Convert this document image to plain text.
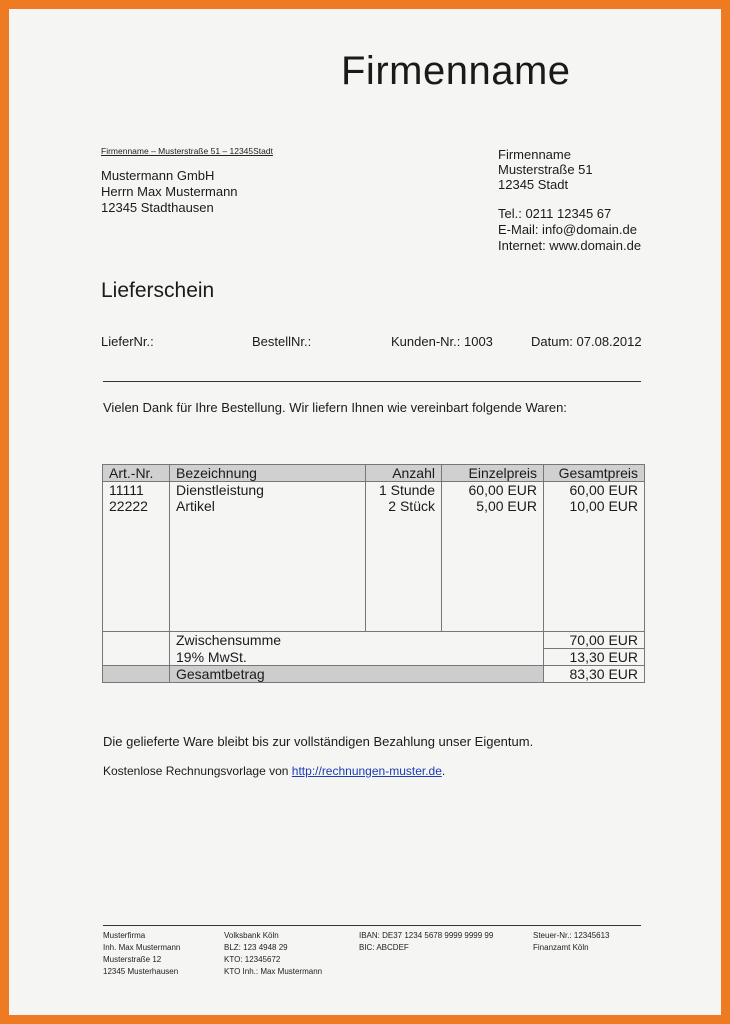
Firmenname
Firmenname – Musterstraße 51 – 12345Stadt
Mustermann GmbH
Herrn Max Mustermann
12345 Stadthausen
Firmenname
Musterstraße 51
12345 Stadt
Tel.: 0211 12345 67
E-Mail: info@domain.de
Internet: www.domain.de
Lieferschein
LieferNr.:	BestellNr.:	Kunden-Nr.: 1003	Datum: 07.08.2012
Vielen Dank für Ihre Bestellung. Wir liefern Ihnen wie vereinbart folgende Waren:
Art.-Nr.	Bezeichnung	Anzahl	Einzelpreis	Gesamtpreis
11111	Dienstleistung	1 Stunde	60,00 EUR	60,00 EUR
22222	Artikel	2 Stück	5,00 EUR	10,00 EUR

	Zwischensumme			70,00 EUR
	19% MwSt.			13,30 EUR
	Gesamtbetrag			83,30 EUR
Die gelieferte Ware bleibt bis zur vollständigen Bezahlung unser Eigentum.
Kostenlose Rechnungsvorlage von http://rechnungen-muster.de.
Musterfirma
Inh. Max Mustermann
Musterstraße 12
12345 Musterhausen
Volksbank Köln
BLZ: 123 4948 29
KTO: 12345672
KTO Inh.: Max Mustermann
IBAN: DE37 1234 5678 9999 9999 99
BIC: ABCDEF
Steuer-Nr.: 12345613
Finanzamt Köln
